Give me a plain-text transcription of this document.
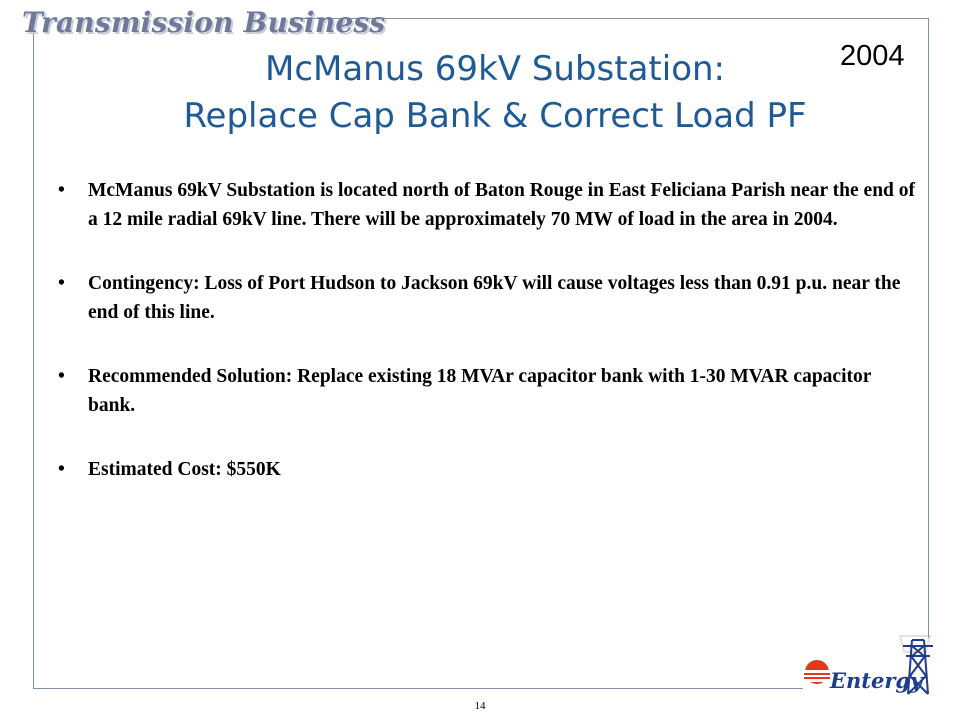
Transmission Business
2004
McManus 69kV Substation:
Replace Cap Bank & Correct Load PF
• McManus 69kV Substation is located north of Baton Rouge in East Feliciana Parish near the end of a 12 mile radial 69kV line. There will be approximately 70 MW of load in the area in 2004.
• Contingency: Loss of Port Hudson to Jackson 69kV will cause voltages less than 0.91 p.u. near the end of this line.
• Recommended Solution: Replace existing 18 MVAr capacitor bank with 1-30 MVAR capacitor bank.
• Estimated Cost: $550K
14
Entergy
